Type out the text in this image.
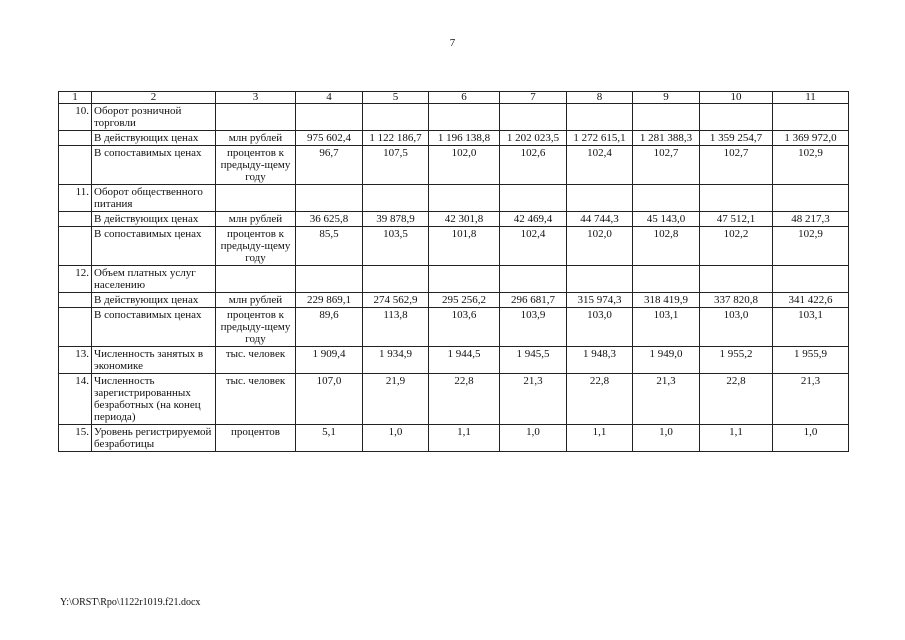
7
1	2	3	4	5	6	7	8	9	10	11
10.	Оборот розничной торговли									
	В действующих ценах	млн рублей	975 602,4	1 122 186,7	1 196 138,8	1 202 023,5	1 272 615,1	1 281 388,3	1 359 254,7	1 369 972,0
	В сопоставимых ценах	процентов к предыду-щему году	96,7	107,5	102,0	102,6	102,4	102,7	102,7	102,9
11.	Оборот общественного питания									
	В действующих ценах	млн рублей	36 625,8	39 878,9	42 301,8	42 469,4	44 744,3	45 143,0	47 512,1	48 217,3
	В сопоставимых ценах	процентов к предыду-щему году	85,5	103,5	101,8	102,4	102,0	102,8	102,2	102,9
12.	Объем платных услуг населению									
	В действующих ценах	млн рублей	229 869,1	274 562,9	295 256,2	296 681,7	315 974,3	318 419,9	337 820,8	341 422,6
	В сопоставимых ценах	процентов к предыду-щему году	89,6	113,8	103,6	103,9	103,0	103,1	103,0	103,1
13.	Численность занятых в экономике	тыс. человек	1 909,4	1 934,9	1 944,5	1 945,5	1 948,3	1 949,0	1 955,2	1 955,9
14.	Численность зарегистрированных безработных (на конец периода)	тыс. человек	107,0	21,9	22,8	21,3	22,8	21,3	22,8	21,3
15.	Уровень регистрируемой безработицы	процентов	5,1	1,0	1,1	1,0	1,1	1,0	1,1	1,0
Y:\ORST\Rpo\1122r1019.f21.docx
